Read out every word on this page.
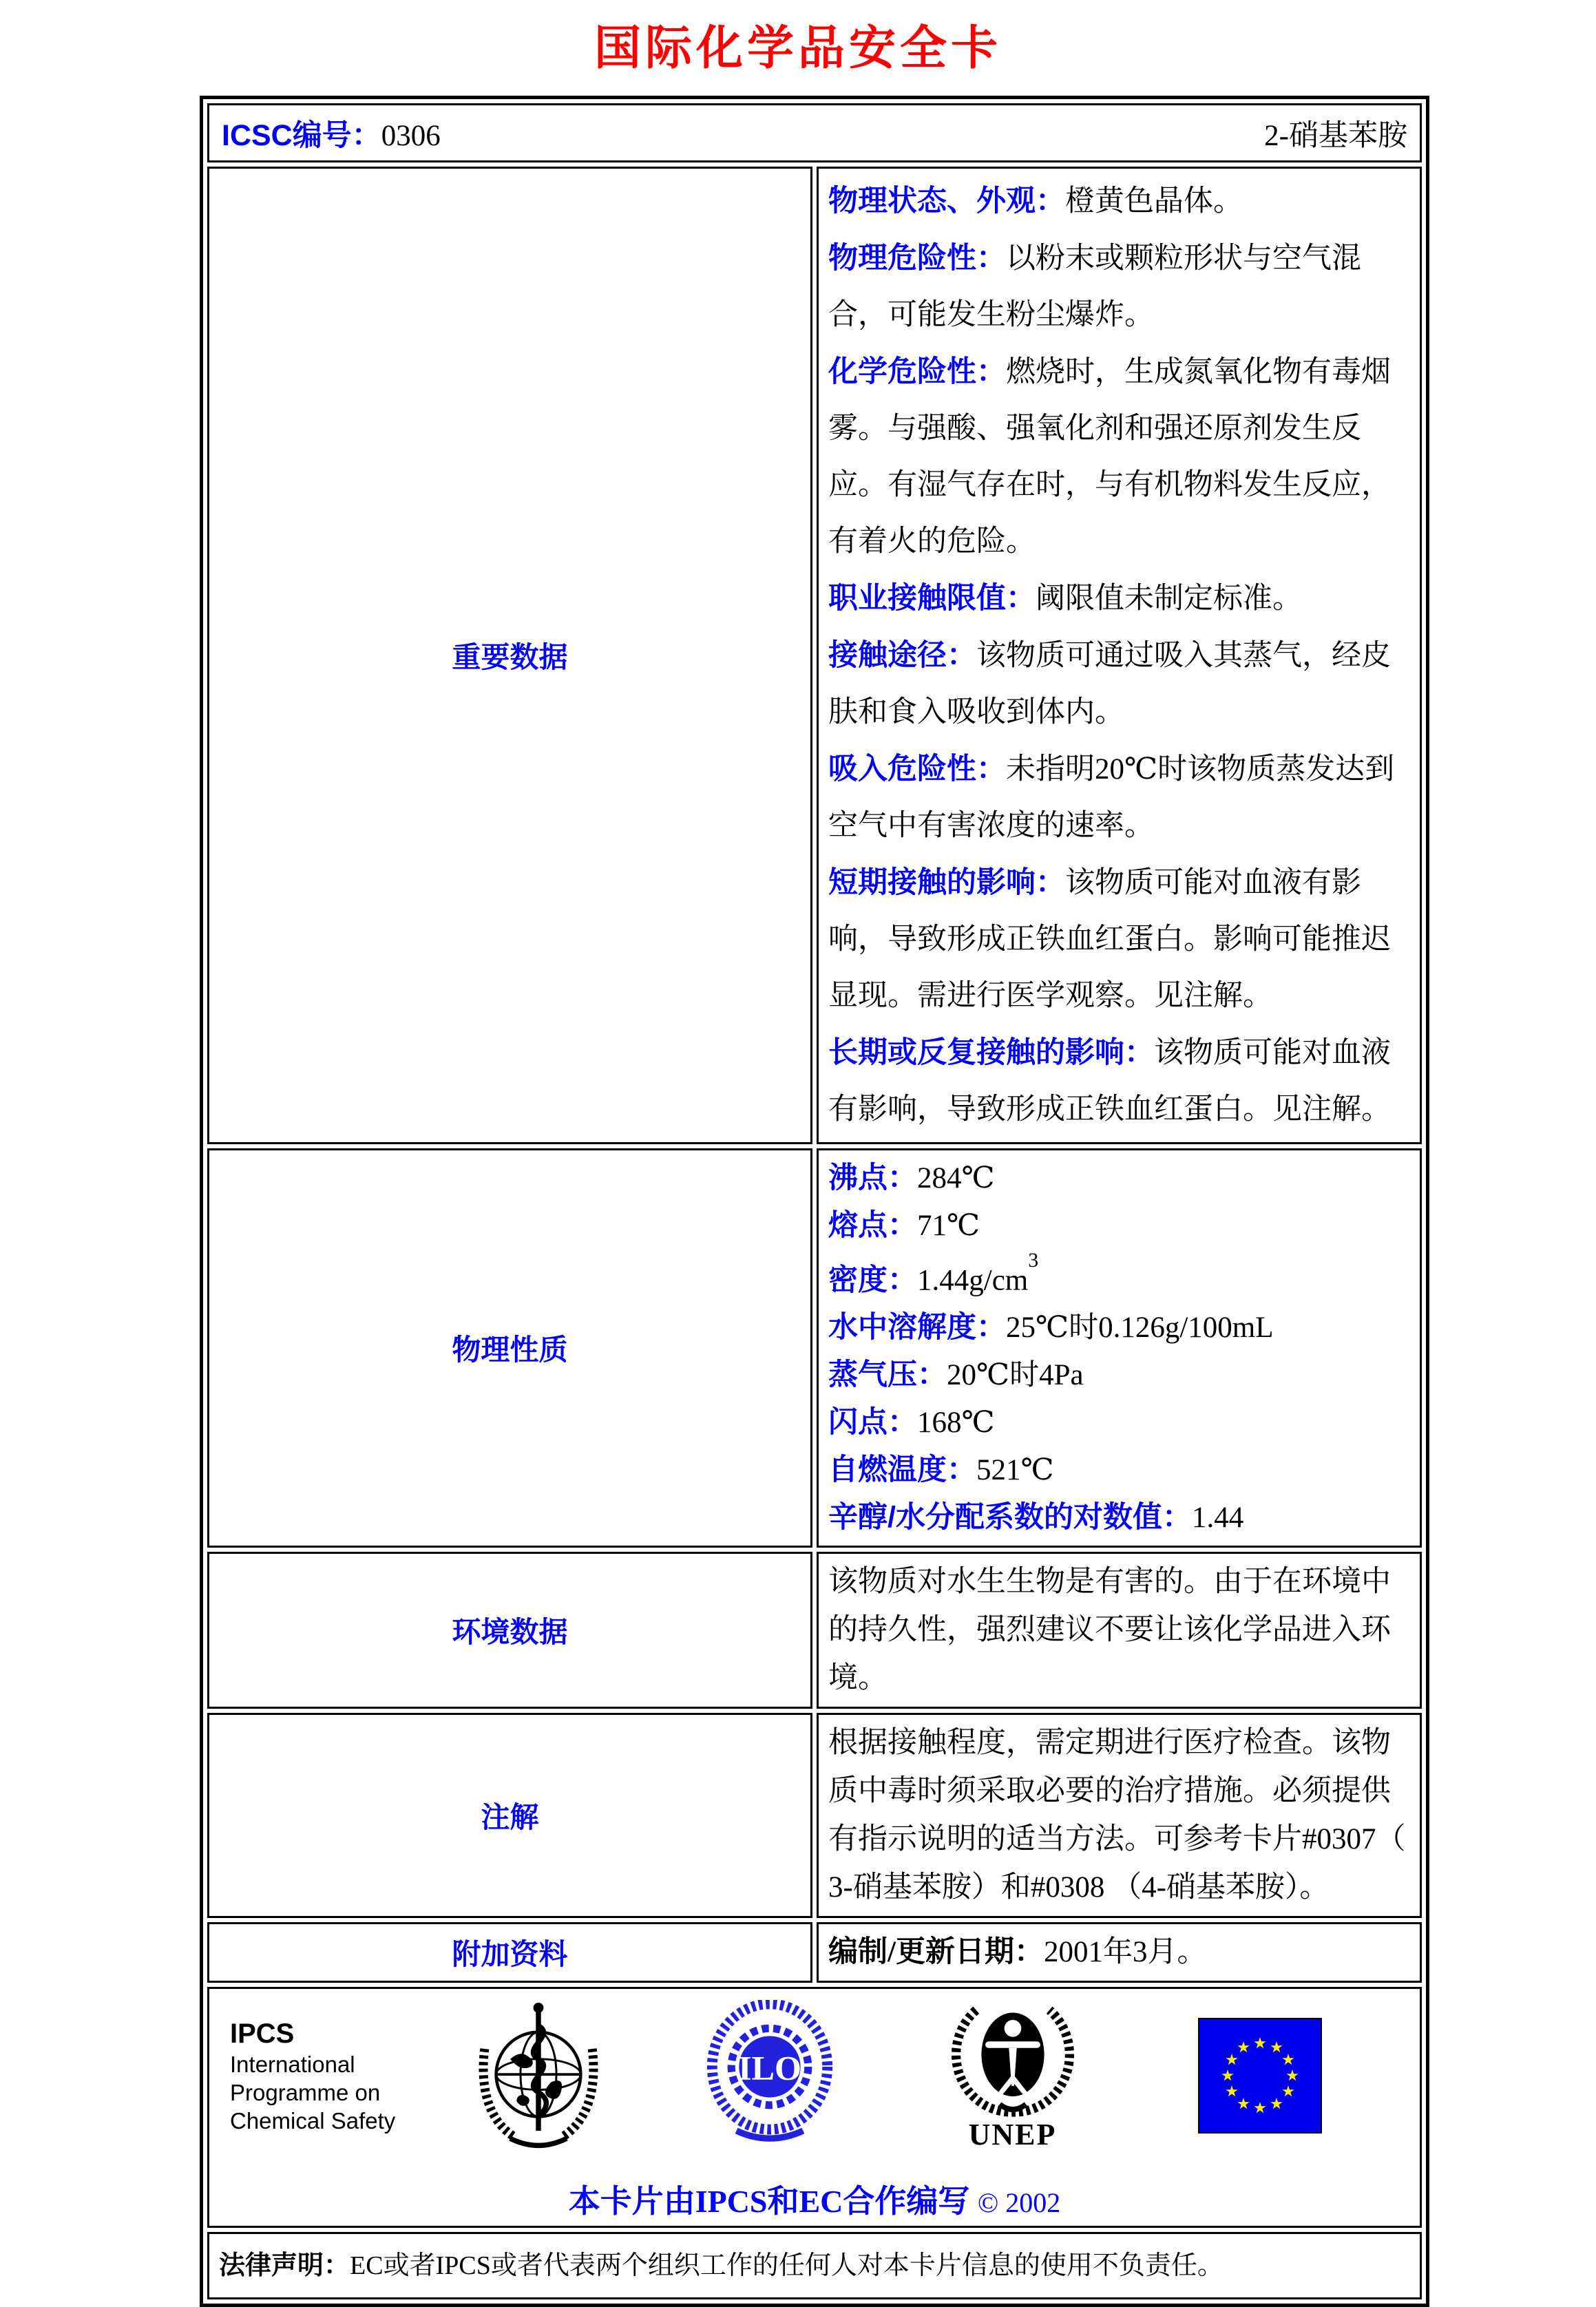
国际化学品安全卡
ICSC编号：0306 2-硝基苯胺	

重要数据	
物理状态、外观：橙黄色晶体。
物理危险性：以粉末或颗粒形状与空气混合，可能发生粉尘爆炸。
化学危险性：燃烧时，生成氮氧化物有毒烟雾。与强酸、强氧化剂和强还原剂发生反应。有湿气存在时，与有机物料发生反应，有着火的危险。
职业接触限值：阈限值未制定标准。
接触途径：该物质可通过吸入其蒸气，经皮肤和食入吸收到体内。
吸入危险性：未指明20℃时该物质蒸发达到空气中有害浓度的速率。
短期接触的影响：该物质可能对血液有影响，导致形成正铁血红蛋白。影响可能推迟显现。需进行医学观察。见注解。
长期或反复接触的影响：该物质可能对血液有影响，导致形成正铁血红蛋白。见注解。

物理性质	
沸点：284℃
熔点：71℃
密度：$1.44g/cm^3$
水中溶解度：25℃时0.126g/100mL
蒸气压：20℃时4Pa
闪点：168℃
自燃温度：521℃
辛醇/水分配系数的对数值：1.44

环境数据	该物质对水生生物是有害的。由于在环境中的持久性，强烈建议不要让该化学品进入环境。

注解	根据接触程度，需定期进行医疗检查。该物质中毒时须采取必要的治疗措施。必须提供有指示说明的适当方法。可参考卡片#0307（ 3-硝基苯胺）和#0308 （4-硝基苯胺）。

附加资料	编制/更新日期：2001年3月。

IPCS
International
Programme on
Chemical Safety
ILO
UNEP
本卡片由IPCS和EC合作编写 © 2002

法律声明：EC或者IPCS或者代表两个组织工作的任何人对本卡片信息的使用不负责任。	
